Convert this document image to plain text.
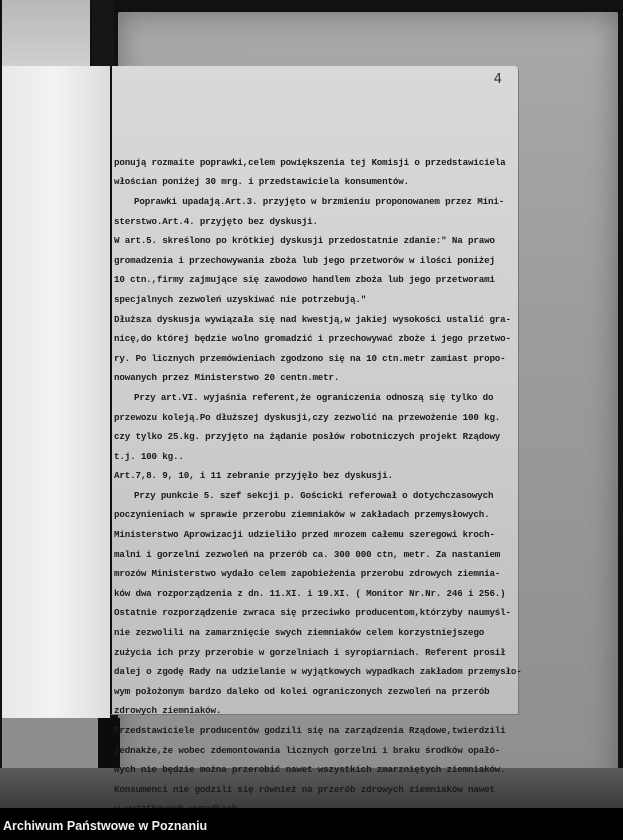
4

ponują rozmaite poprawki,celem powiększenia tej Komisji o przedstawiciela
włościan poniżej 30 mrg. i przedstawiciela konsumentów.
Poprawki upadają.Art.3. przyjęto w brzmieniu proponowanem przez Mini-
sterstwo.Art.4. przyjęto bez dyskusji.
W art.5. skreślono po krótkiej dyskusji przedostatnie zdanie:" Na prawo
gromadzenia i przechowywania zboża lub jego przetworów w ilości poniżej
10 ctn.,firmy zajmujące się zawodowo handlem zboża lub jego przetworami
specjalnych zezwoleń uzyskiwać nie potrzebują."
Dłuższa dyskusja wywiązała się nad kwestją,w jakiej wysokości ustalić gra-
nicę,do której będzie wolno gromadzić i przechowywać zboże i jego przetwo-
ry. Po licznych przemówieniach zgodzono się na 10 ctn.metr zamiast propo-
nowanych przez Ministerstwo 20 centn.metr.
Przy art.VI. wyjaśnia referent,że ograniczenia odnoszą się tylko do
przewozu koleją.Po dłuższej dyskusji,czy zezwolić na przewożenie 100 kg.
czy tylko 25.kg. przyjęto na żądanie posłów robotniczych projekt Rządowy
t.j. 100 kg..
Art.7,8. 9, 10, i 11 zebranie przyjęło bez dyskusji.
Przy punkcie 5. szef sekcji p. Gościcki referował o dotychczasowych
poczynieniach w sprawie przerobu ziemniaków w zakładach przemysłowych.
Ministerstwo Aprowizacji udzieliło przed mrozem całemu szeregowi kroch-
malni i gorzelni zezwoleń na przerób ca. 300 000 ctn, metr. Za nastaniem
mrozów Ministerstwo wydało celem zapobieżenia przerobu zdrowych ziemnia-
ków dwa rozporządzenia z dn. 11.XI. i 19.XI. ( Monitor Nr.Nr. 246 i 256.)
Ostatnie rozporządzenie zwraca się przeciwko producentom,którzyby naumyśl-
nie zezwolili na zamarznięcie swych ziemniaków celem korzystniejszego
zużycia ich przy przerobie w gorzelniach i syropiarniach. Referent prosił
dalej o zgodę Rady na udzielanie w wyjątkowych wypadkach zakładom przemysło-
wym położonym bardzo daleko od kolei ograniczonych zezwoleń na przerób
zdrowych ziemniaków.
Przedstawiciele producentów godzili się na zarządzenia Rządowe,twierdzili
jednakże,że wobec zdemontowania licznych gorzelni i braku środków opałó-
wych nie będzie można przerobić nawet wszystkich zmarzniętych ziemniaków.
Konsumenci nie godzili się również na przerób zdrowych ziemniaków nawet
Archiwum Państwowe w Poznaniu
